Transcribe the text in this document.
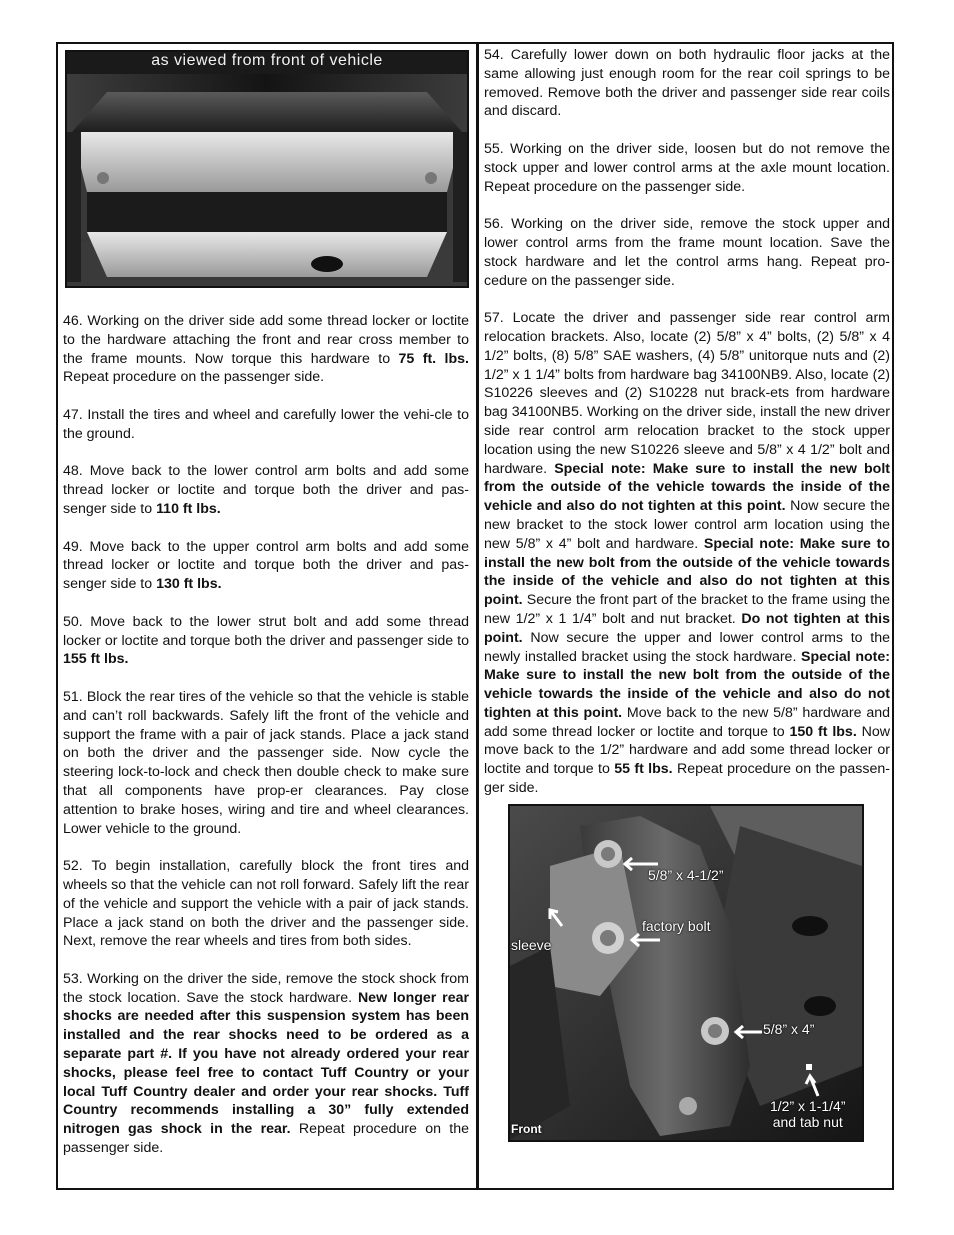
as viewed from front of vehicle

46. Working on the driver side add some thread locker or loctite to the hardware attaching the front and rear cross member to the frame mounts. Now torque this hardware to 75 ft. lbs. Repeat procedure on the passenger side.

47. Install the tires and wheel and carefully lower the vehi-cle to the ground.

48. Move back to the lower control arm bolts and add some thread locker or loctite and torque both the driver and pas-senger side to 110 ft lbs.

49. Move back to the upper control arm bolts and add some thread locker or loctite and torque both the driver and pas-senger side to 130 ft lbs.

50. Move back to the lower strut bolt and add some thread locker or loctite and torque both the driver and passenger side to 155 ft lbs.

51. Block the rear tires of the vehicle so that the vehicle is stable and can’t roll backwards. Safely lift the front of the vehicle and support the frame with a pair of jack stands. Place a jack stand on both the driver and the passenger side. Now cycle the steering lock-to-lock and check then double check to make sure that all components have prop-er clearances. Pay close attention to brake hoses, wiring and tire and wheel clearances. Lower vehicle to the ground.

52. To begin installation, carefully block the front tires and wheels so that the vehicle can not roll forward. Safely lift the rear of the vehicle and support the vehicle with a pair of jack stands. Place a jack stand on both the driver and the passenger side. Next, remove the rear wheels and tires from both sides.

53. Working on the driver the side, remove the stock shock from the stock location. Save the stock hardware. New longer rear shocks are needed after this suspension system has been installed and the rear shocks need to be ordered as a separate part #. If you have not already ordered your rear shocks, please feel free to contact Tuff Country or your local Tuff Country dealer and order your rear shocks. Tuff Country recommends installing a 30” fully extended nitrogen gas shock in the rear. Repeat procedure on the passenger side.

54. Carefully lower down on both hydraulic floor jacks at the same allowing just enough room for the rear coil springs to be removed. Remove both the driver and passenger side rear coils and discard.

55. Working on the driver side, loosen but do not remove the stock upper and lower control arms at the axle mount location. Repeat procedure on the passenger side.

56. Working on the driver side, remove the stock upper and lower control arms from the frame mount location. Save the stock hardware and let the control arms hang. Repeat pro-cedure on the passenger side.

57. Locate the driver and passenger side rear control arm relocation brackets. Also, locate (2) 5/8” x 4” bolts, (2) 5/8” x 4 1/2” bolts, (8) 5/8” SAE washers, (4) 5/8” unitorque nuts and (2) 1/2” x 1 1/4” bolts from hardware bag 34100NB9. Also, locate (2) S10226 sleeves and (2) S10228 nut brack-ets from hardware bag 34100NB5. Working on the driver side, install the new driver side rear control arm relocation bracket to the stock upper location using the new S10226 sleeve and 5/8” x 4 1/2” bolt and hardware. Special note: Make sure to install the new bolt from the outside of the vehicle towards the inside of the vehicle and also do not tighten at this point. Now secure the new bracket to the stock lower control arm location using the new 5/8” x 4” bolt and hardware. Special note: Make sure to install the new bolt from the outside of the vehicle towards the inside of the vehicle and also do not tighten at this point. Secure the front part of the bracket to the frame using the new 1/2” x 1 1/4” bolt and nut bracket. Do not tighten at this point. Now secure the upper and lower control arms to the newly installed bracket using the stock hardware. Special note: Make sure to install the new bolt from the outside of the vehicle towards the inside of the vehicle and also do not tighten at this point. Move back to the new 5/8” hardware and add some thread locker or loctite and torque to 150 ft lbs. Now move back to the 1/2” hardware and add some thread locker or loctite and torque to 55 ft lbs. Repeat procedure on the passen-ger side.

5/8” x 4-1/2”
factory bolt
sleeve
5/8” x 4”
1/2” x 1-1/4”
and tab nut
Front
